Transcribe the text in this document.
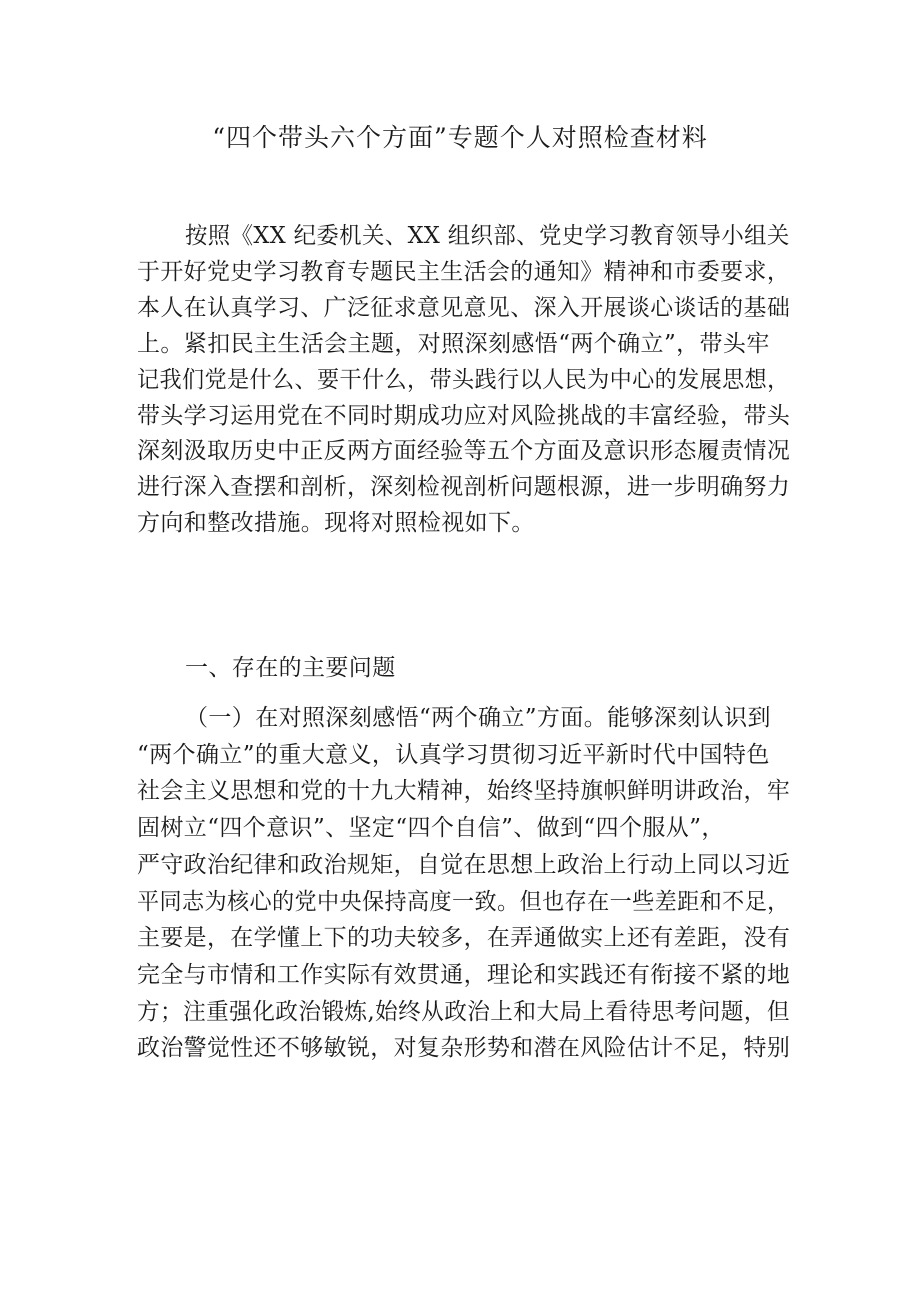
“四个带头六个方面”专题个人对照检查材料
按照《XX 纪委机关、XX 组织部、党史学习教育领导小组关
于开好党史学习教育专题民主生活会的通知》精神和市委要求，
本人在认真学习、广泛征求意见意见、深入开展谈心谈话的基础
上。紧扣民主生活会主题，对照深刻感悟“两个确立”，带头牢
记我们党是什么、要干什么，带头践行以人民为中心的发展思想，
带头学习运用党在不同时期成功应对风险挑战的丰富经验，带头
深刻汲取历史中正反两方面经验等五个方面及意识形态履责情况
进行深入查摆和剖析，深刻检视剖析问题根源，进一步明确努力
方向和整改措施。现将对照检视如下。
一、存在的主要问题
（一）在对照深刻感悟“两个确立”方面。能够深刻认识到
“两个确立”的重大意义，认真学习贯彻习近平新时代中国特色
社会主义思想和党的十九大精神，始终坚持旗帜鲜明讲政治，牢
固树立“四个意识”、坚定“四个自信”、做到“四个服从”，
严守政治纪律和政治规矩，自觉在思想上政治上行动上同以习近
平同志为核心的党中央保持高度一致。但也存在一些差距和不足，
主要是，在学懂上下的功夫较多，在弄通做实上还有差距，没有
完全与市情和工作实际有效贯通，理论和实践还有衔接不紧的地
方；注重强化政治锻炼,始终从政治上和大局上看待思考问题，但
政治警觉性还不够敏锐，对复杂形势和潜在风险估计不足，特别
